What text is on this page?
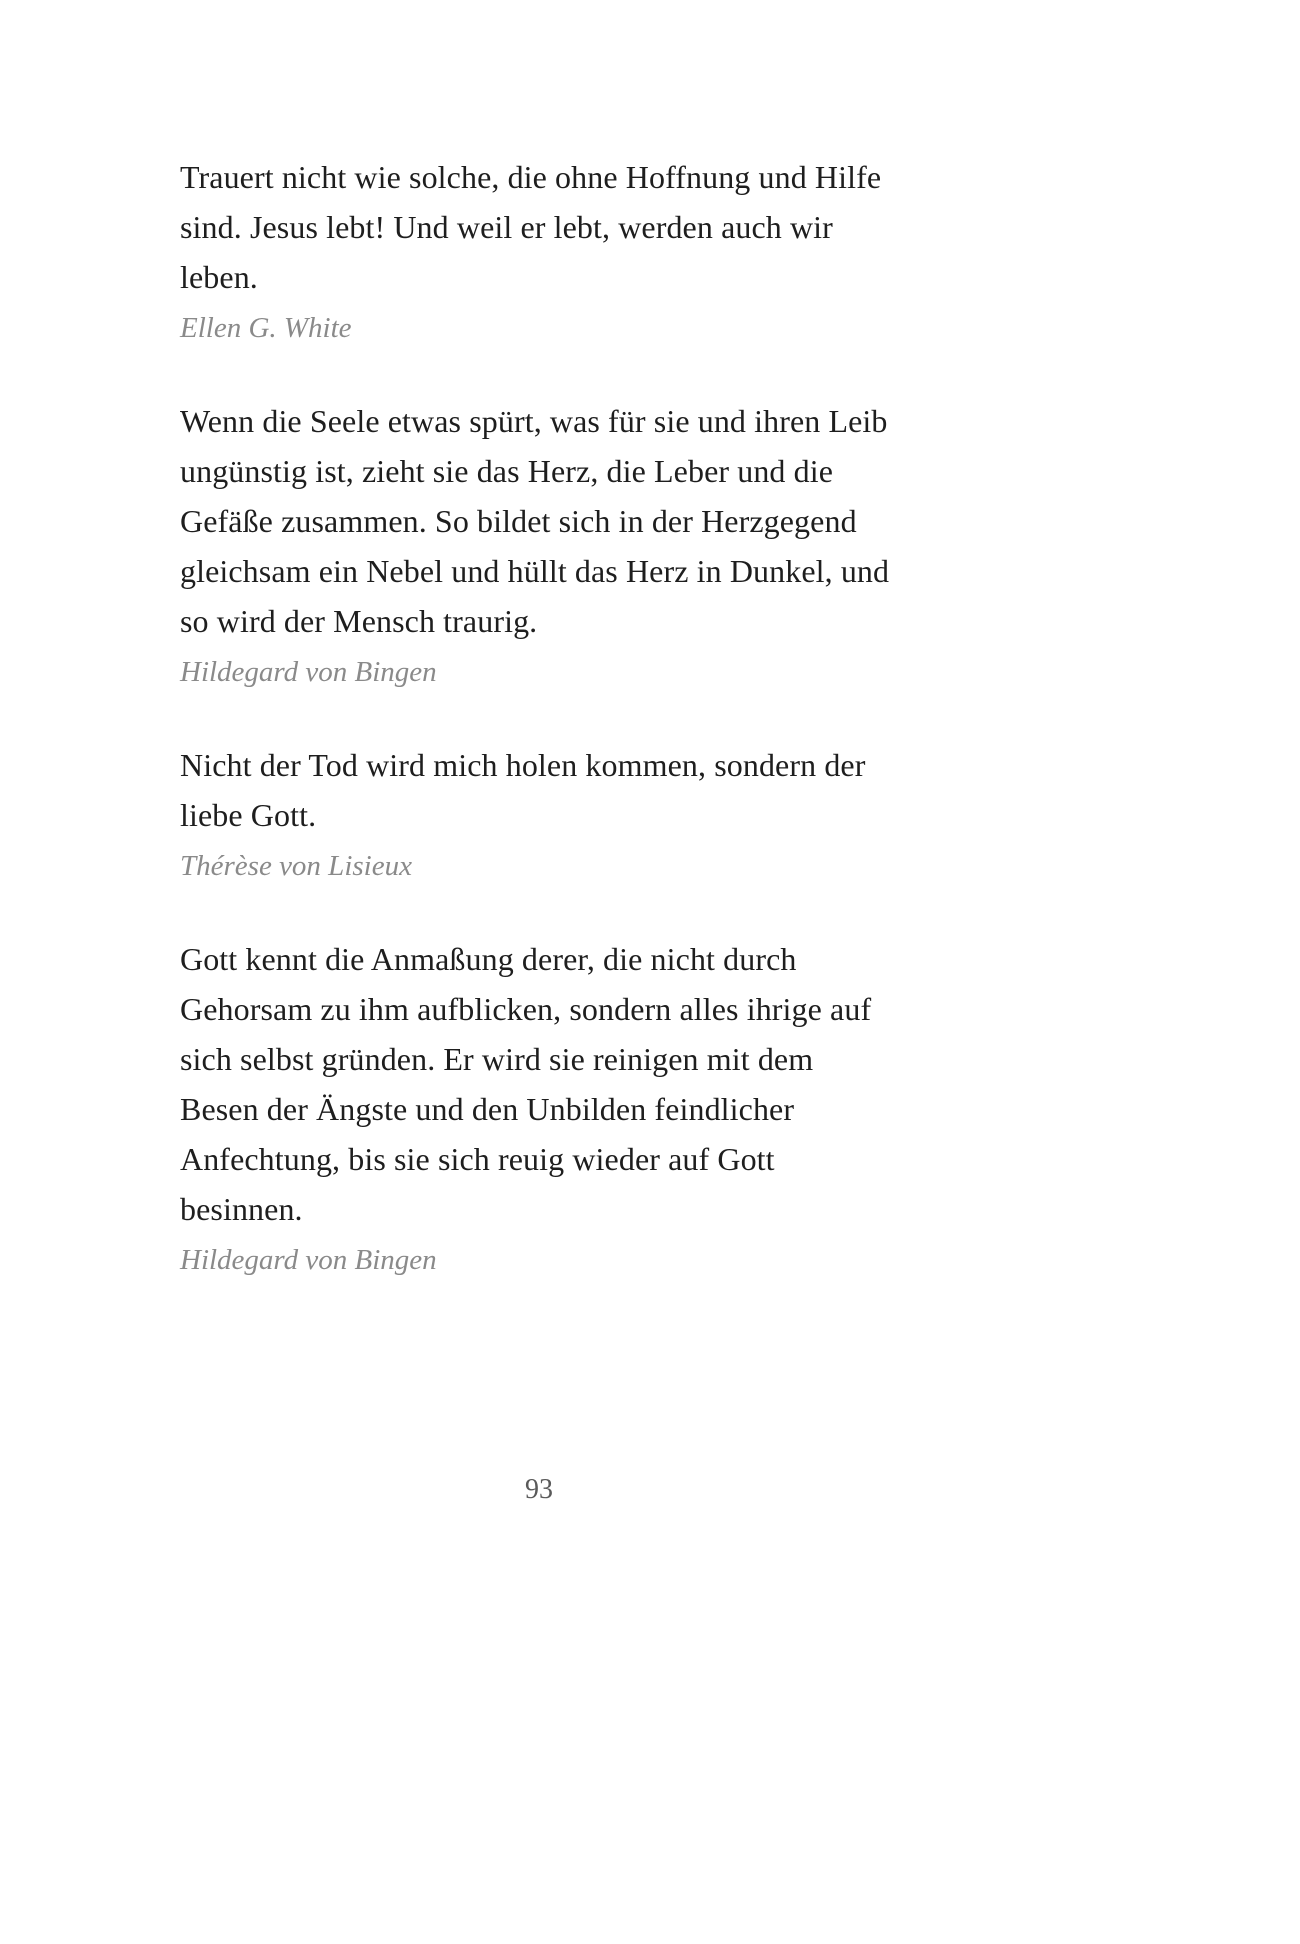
Trauert nicht wie solche, die ohne Hoffnung und Hilfe sind. Jesus lebt! Und weil er lebt, werden auch wir leben.

Ellen G. White

Wenn die Seele etwas spürt, was für sie und ihren Leib ungünstig ist, zieht sie das Herz, die Leber und die Gefäße zusammen. So bildet sich in der Herzgegend gleichsam ein Nebel und hüllt das Herz in Dunkel, und so wird der Mensch traurig.

Hildegard von Bingen

Nicht der Tod wird mich holen kommen, sondern der liebe Gott.

Thérèse von Lisieux

Gott kennt die Anmaßung derer, die nicht durch Gehorsam zu ihm aufblicken, sondern alles ihrige auf sich selbst gründen. Er wird sie reinigen mit dem Besen der Ängste und den Unbilden feindlicher Anfechtung, bis sie sich reuig wieder auf Gott besinnen.

Hildegard von Bingen

93
